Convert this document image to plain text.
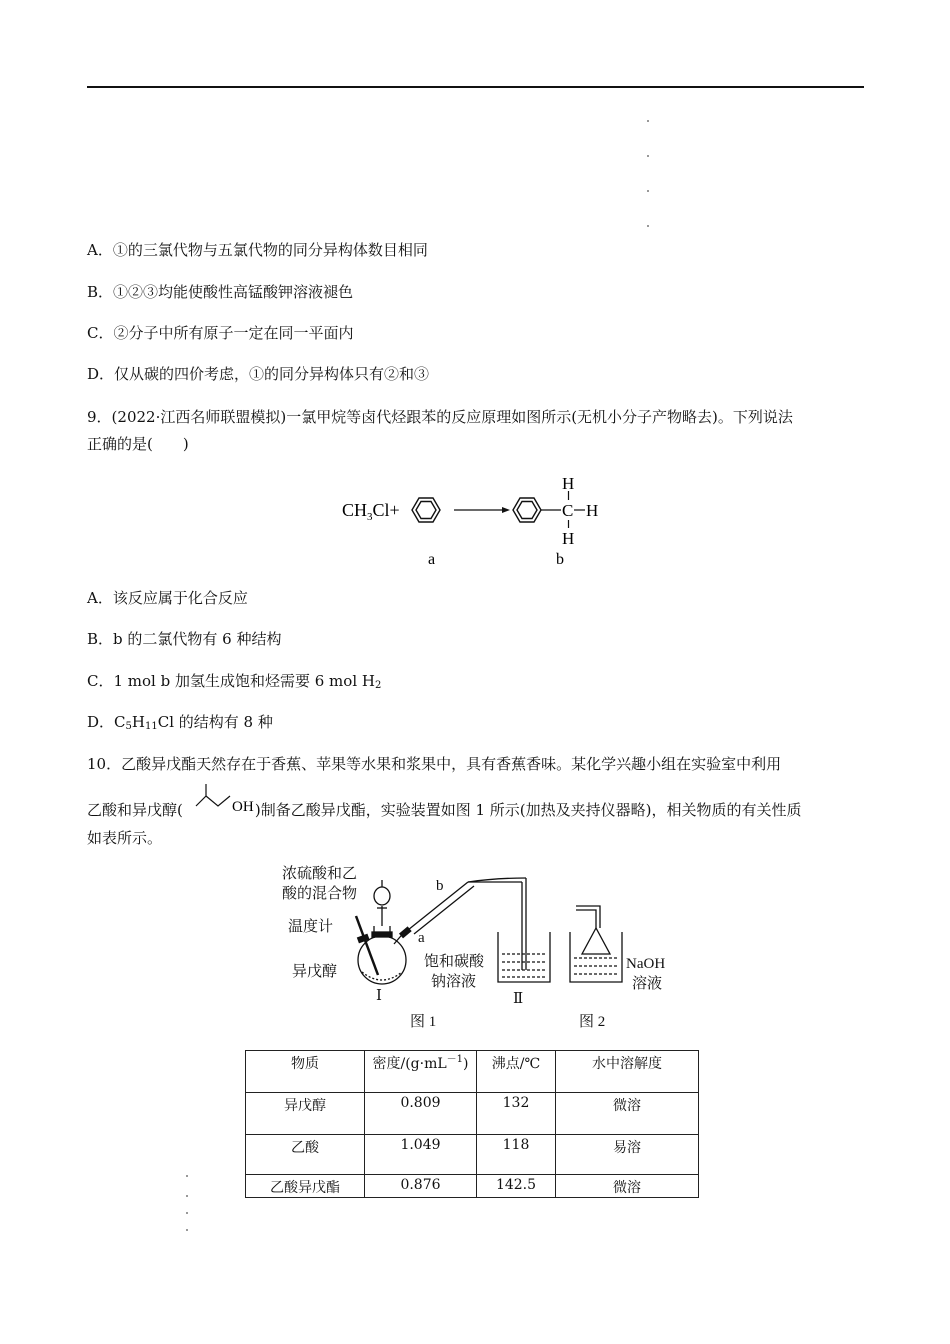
A．①的三氯代物与五氯代物的同分异构体数目相同
B．①②③均能使酸性高锰酸钾溶液褪色
C．②分子中所有原子一定在同一平面内
D．仅从碳的四价考虑，①的同分异构体只有②和③
9．(2022·江西名师联盟模拟)一氯甲烷等卤代烃跟苯的反应原理如图所示(无机小分子产物略去)。下列说法
正确的是(　　)
$CH_3Cl+$	C H
H
H
a	b
A．该反应属于化合反应
B．b 的二氯代物有 6 种结构
C．1 mol b 加氢生成饱和烃需要 6 mol $H_2$
D．$C_5H_{11}Cl$ 的结构有 8 种
10．乙酸异戊酯天然存在于香蕉、苹果等水果和浆果中，具有香蕉香味。某化学兴趣小组在实验室中利用
乙酸和异戊醇(	)制备乙酸异戊酯，实验装置如图 1 所示(加热及夹持仪器略)，相关物质的有关性质
OH
如表所示。
浓硫酸和乙
酸的混合物
温度计
异戊醇
b
a
饱和碳酸
钠溶液
Ⅰ	Ⅱ
NaOH
溶液
图 1	图 2
物质	密度$/(g\cdot mL^{-1})$	沸点/℃	水中溶解度
异戊醇	0.809	132	微溶
乙酸	1.049	118	易溶
乙酸异戊酯	0.876	142.5	微溶
